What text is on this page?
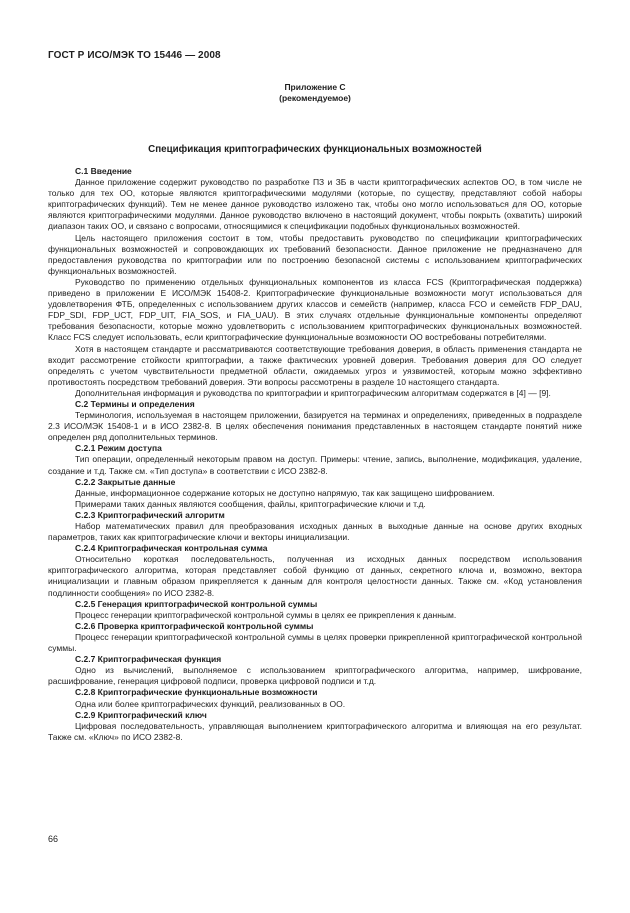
ГОСТ Р ИСО/МЭК ТО 15446 — 2008
Приложение С
(рекомендуемое)
Спецификация криптографических функциональных возможностей

С.1 Введение

Данное приложение содержит руководство по разработке ПЗ и ЗБ в части криптографических аспектов ОО, в том числе не только для тех ОО, которые являются криптографическими модулями (которые, по существу, представляют собой наборы криптографических функций). Тем не менее данное руководство изложено так, чтобы оно могло использоваться для ОО, которые являются криптографическими модулями. Данное руководство включено в настоящий документ, чтобы покрыть (охватить) широкий диапазон таких ОО, и связано с вопросами, относящимися к спецификации подобных функциональных возможностей.

Цель настоящего приложения состоит в том, чтобы предоставить руководство по спецификации криптографических функциональных возможностей и сопровождающих их требований безопасности. Данное приложение не предназначено для предоставления руководства по криптографии или по построению безопасной системы с использованием криптографических функциональных возможностей.

Руководство по применению отдельных функциональных компонентов из класса FCS (Криптографическая поддержка) приведено в приложении Е ИСО/МЭК 15408-2. Криптографические функциональные возможности могут использоваться для удовлетворения ФТБ, определенных с использованием других классов и семейств (например, класса FCO и семейств FDP_DAU, FDP_SDI, FDP_UCT, FDP_UIT, FIA_SOS, и FIA_UAU). В этих случаях отдельные функциональные компоненты определяют требования безопасности, которые можно удовлетворить с использованием криптографических функциональных возможностей. Класс FCS следует использовать, если криптографические функциональные возможности ОО востребованы потребителями.

Хотя в настоящем стандарте и рассматриваются соответствующие требования доверия, в область применения стандарта не входит рассмотрение стойкости криптографии, а также фактических уровней доверия. Требования доверия для ОО следует определять с учетом чувствительности предметной области, ожидаемых угроз и уязвимостей, которым можно эффективно противостоять посредством требований доверия. Эти вопросы рассмотрены в разделе 10 настоящего стандарта.

Дополнительная информация и руководства по криптографии и криптографическим алгоритмам содержатся в [4] — [9].

С.2 Термины и определения

Терминология, используемая в настоящем приложении, базируется на терминах и определениях, приведенных в подразделе 2.3 ИСО/МЭК 15408-1 и в ИСО 2382-8. В целях обеспечения понимания представленных в настоящем стандарте понятий ниже определен ряд дополнительных терминов.

С.2.1 Режим доступа

Тип операции, определенный некоторым правом на доступ. Примеры: чтение, запись, выполнение, модификация, удаление, создание и т.д. Также см. «Тип доступа» в соответствии с ИСО 2382-8.

С.2.2 Закрытые данные

Данные, информационное содержание которых не доступно напрямую, так как защищено шифрованием.

Примерами таких данных являются сообщения, файлы, криптографические ключи и т.д.

С.2.3 Криптографический алгоритм

Набор математических правил для преобразования исходных данных в выходные данные на основе других входных параметров, таких как криптографические ключи и векторы инициализации.

С.2.4 Криптографическая контрольная сумма

Относительно короткая последовательность, полученная из исходных данных посредством использования криптографического алгоритма, которая представляет собой функцию от данных, секретного ключа и, возможно, вектора инициализации и главным образом прикрепляется к данным для контроля целостности данных. Также см. «Код установления подлинности сообщения» по ИСО 2382-8.

С.2.5 Генерация криптографической контрольной суммы

Процесс генерации криптографической контрольной суммы в целях ее прикрепления к данным.

С.2.6 Проверка криптографической контрольной суммы

Процесс генерации криптографической контрольной суммы в целях проверки прикрепленной криптографической контрольной суммы.

С.2.7 Криптографическая функция

Одно из вычислений, выполняемое с использованием криптографического алгоритма, например, шифрование, расшифрование, генерация цифровой подписи, проверка цифровой подписи и т.д.

С.2.8 Криптографические функциональные возможности

Одна или более криптографических функций, реализованных в ОО.

С.2.9 Криптографический ключ

Цифровая последовательность, управляющая выполнением криптографического алгоритма и влияющая на его результат. Также см. «Ключ» по ИСО 2382-8.

66
